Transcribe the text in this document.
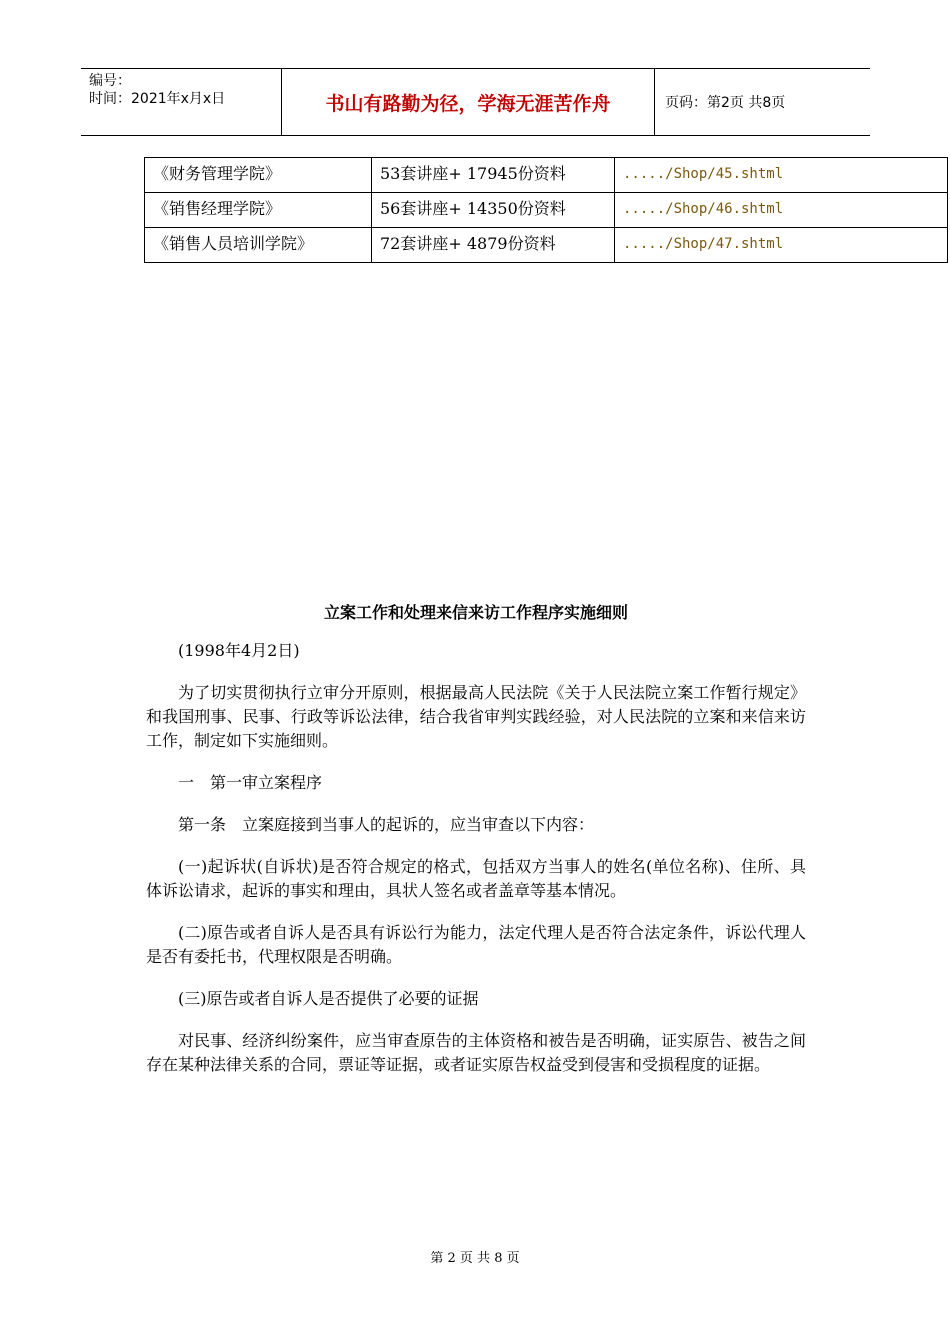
编号：
时间：2021年x月x日	书山有路勤为径，学海无涯苦作舟	页码：第2页 共8页
《财务管理学院》	53套讲座+ 17945份资料	...../Shop/45.shtml
《销售经理学院》	56套讲座+ 14350份资料	...../Shop/46.shtml
《销售人员培训学院》	72套讲座+ 4879份资料	...../Shop/47.shtml
立案工作和处理来信来访工作程序实施细则

(1998年4月2日)

为了切实贯彻执行立审分开原则，根据最高人民法院《关于人民法院立案工作暂行规定》和我国刑事、民事、行政等诉讼法律，结合我省审判实践经验，对人民法院的立案和来信来访工作，制定如下实施细则。

一　第一审立案程序

第一条　立案庭接到当事人的起诉的，应当审查以下内容：

(一)起诉状(自诉状)是否符合规定的格式，包括双方当事人的姓名(单位名称)、住所、具体诉讼请求，起诉的事实和理由，具状人签名或者盖章等基本情况。

(二)原告或者自诉人是否具有诉讼行为能力，法定代理人是否符合法定条件，诉讼代理人是否有委托书，代理权限是否明确。

(三)原告或者自诉人是否提供了必要的证据

对民事、经济纠纷案件，应当审查原告的主体资格和被告是否明确，证实原告、被告之间存在某种法律关系的合同，票证等证据，或者证实原告权益受到侵害和受损程度的证据。

第 2 页 共 8 页
